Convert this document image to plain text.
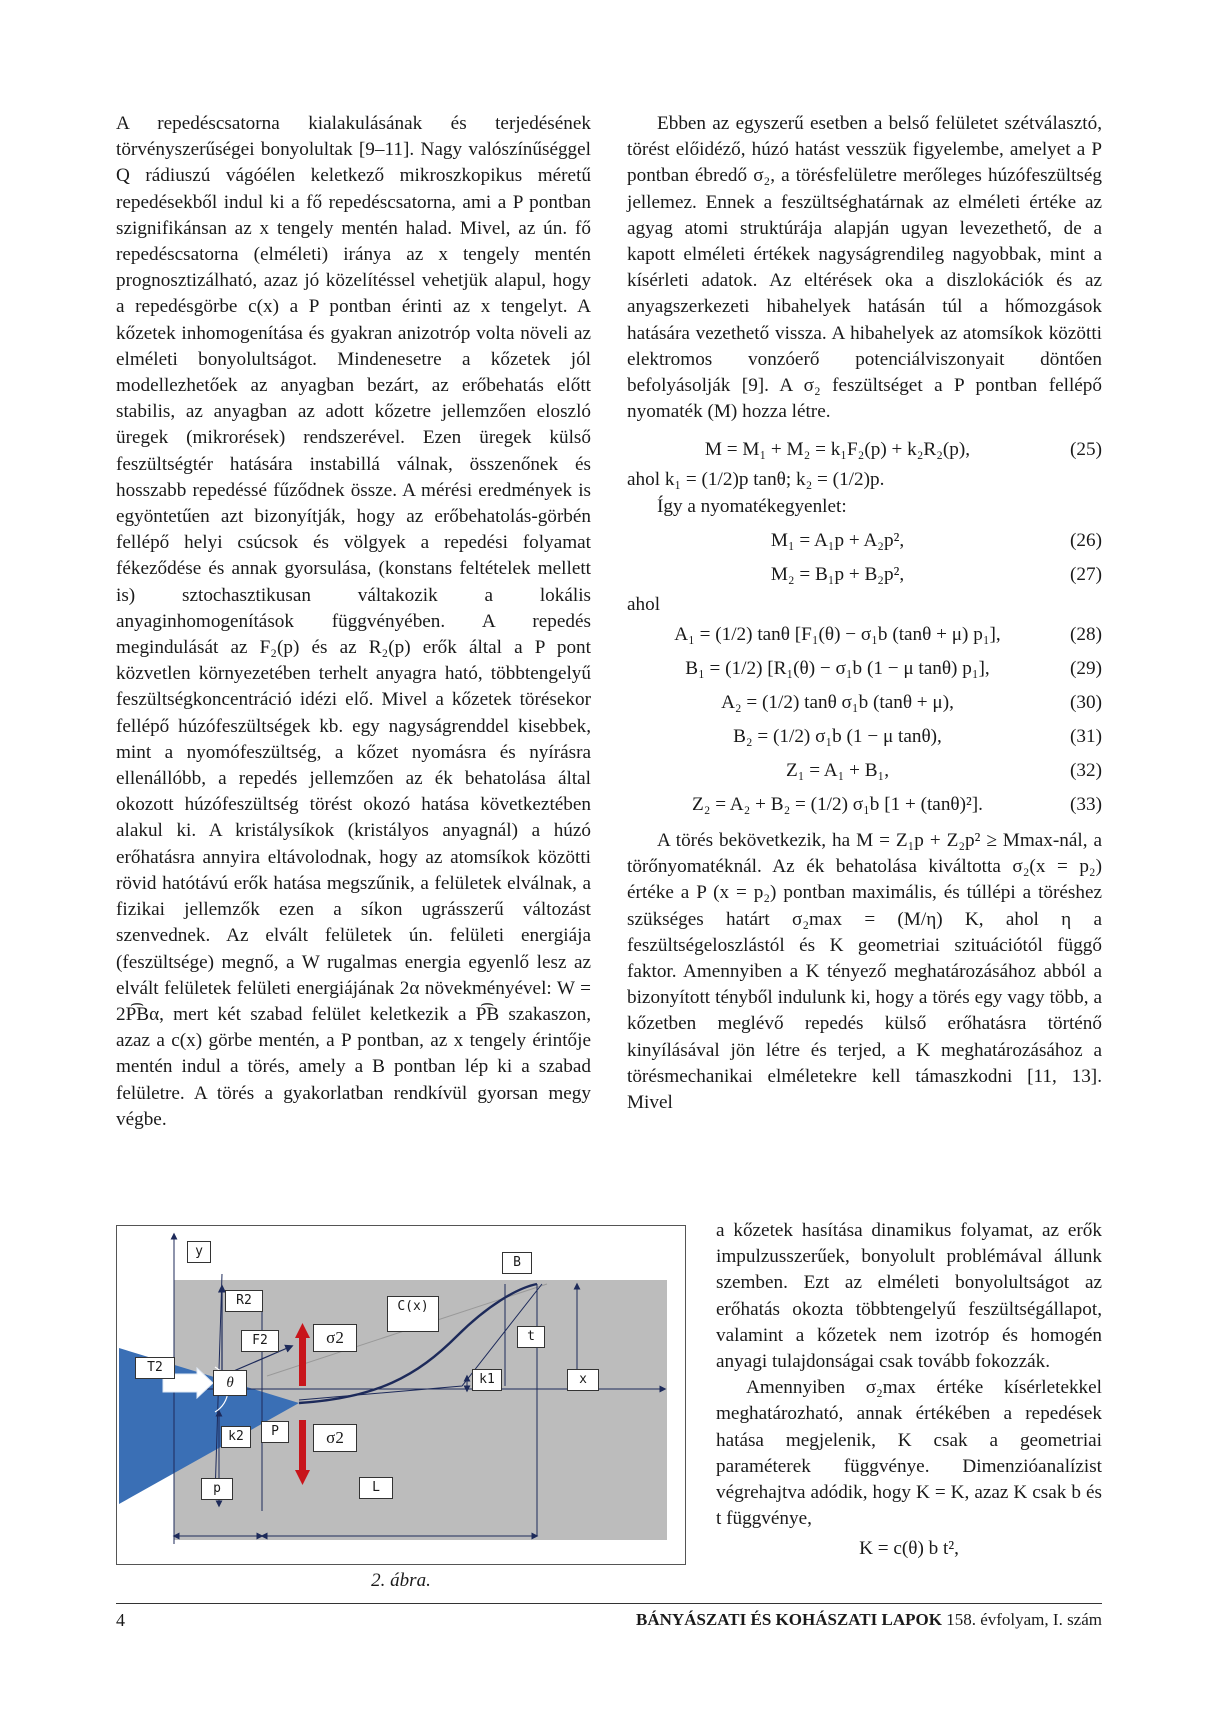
A repedéscsatorna kialakulásának és terjedésének törvényszerűségei bonyolultak [9–11]. Nagy valószínűséggel Q rádiuszú vágóélen keletkező mikroszkopikus méretű repedésekből indul ki a fő repedéscsatorna, ami a P pontban szignifikánsan az x tengely mentén halad. Mivel, az ún. fő repedéscsatorna (elméleti) iránya az x tengely mentén prognosztizálható, azaz jó közelítéssel vehetjük alapul, hogy a repedésgörbe c(x) a P pontban érinti az x tengelyt. A kőzetek inhomogenítása és gyakran anizotróp volta növeli az elméleti bonyolultságot. Mindenesetre a kőzetek jól modellezhetőek az anyagban bezárt, az erőbehatás előtt stabilis, az anyagban az adott kőzetre jellemzően eloszló üregek (mikrorések) rendszerével. Ezen üregek külső feszültségtér hatására instabillá válnak, összenőnek és hosszabb repedéssé fűződnek össze. A mérési eredmények is egyöntetűen azt bizonyítják, hogy az erőbehatolás-görbén fellépő helyi csúcsok és völgyek a repedési folyamat fékeződése és annak gyorsulása, (konstans feltételek mellett is) sztochasztikusan váltakozik a lokális anyaginhomogenítások függvényében. A repedés megindulását az F₂(p) és az R₂(p) erők által a P pont közvetlen környezetében terhelt anyagra ható, többtengelyű feszültségkoncentráció idézi elő. Mivel a kőzetek törésekor fellépő húzófeszültségek kb. egy nagyságrenddel kisebbek, mint a nyomófeszültség, a kőzet nyomásra és nyírásra ellenállóbb, a repedés jellemzően az ék behatolása által okozott húzófeszültség törést okozó hatása következtében alakul ki. A kristálysíkok (kristályos anyagnál) a húzó erőhatásra annyira eltávolodnak, hogy az atomsíkok közötti rövid hatótávú erők hatása megszűnik, a felületek elválnak, a fizikai jellemzők ezen a síkon ugrásszerű változást szenvednek. Az elvált felületek ún. felületi energiája (feszültsége) megnő, a W rugalmas energia egyenlő lesz az elvált felületek felületi energiájának 2α növekményével: W = 2P͡Bα, mert két szabad felület keletkezik a P͡B szakaszon, azaz a c(x) görbe mentén, a P pontban, az x tengely érintője mentén indul a törés, amely a B pontban lép ki a szabad felületre. A törés a gyakorlatban rendkívül gyorsan megy végbe.

Ebben az egyszerű esetben a belső felületet szétválasztó, törést előidéző, húzó hatást vesszük figyelembe, amelyet a P pontban ébredő σ₂, a törésfelületre merőleges húzófeszültség jellemez. Ennek a feszültséghatárnak az elméleti értéke az agyag atomi struktúrája alapján ugyan levezethető, de a kapott elméleti értékek nagyságrendileg nagyobbak, mint a kísérleti adatok. Az eltérések oka a diszlokációk és az anyagszerkezeti hibahelyek hatásán túl a hőmozgások hatására vezethető vissza. A hibahelyek az atomsíkok közötti elektromos vonzóerő potenciálviszonyait döntően befolyásolják [9]. A σ₂ feszültséget a P pontban fellépő nyomaték (M) hozza létre.

M = M₁ + M₂ = k₁F₂(p) + k₂R₂(p),	(25)

ahol k₁ = (1/2)p tanθ; k₂ = (1/2)p.

Így a nyomatékegyenlet:

M₁ = A₁p + A₂p²,	(26)
M₂ = B₁p + B₂p²,	(27)

ahol

A₁ = (1/2) tanθ [F₁(θ) − σ₁b (tanθ + μ) p₁],	(28)
B₁ = (1/2) [R₁(θ) − σ₁b (1 − μ tanθ) p₁],	(29)
A₂ = (1/2) tanθ σ₁b (tanθ + μ),	(30)
B₂ = (1/2) σ₁b (1 − μ tanθ),	(31)
Z₁ = A₁ + B₁,	(32)
Z₂ = A₂ + B₂ = (1/2) σ₁b [1 + (tanθ)²].	(33)

A törés bekövetkezik, ha M = Z₁p + Z₂p² ≥ Mmax-nál, a törőnyomatéknál. Az ék behatolása kiváltotta σ₂(x = p₂) értéke a P (x = p₂) pontban maximális, és túllépi a töréshez szükséges határt σ₂max = (M/η) K, ahol η a feszültségeloszlástól és K geometriai szituációtól függő faktor. Amennyiben a K tényező meghatározásához abból a bizonyított tényből indulunk ki, hogy a törés egy vagy több, a kőzetben meglévő repedés külső erőhatásra történő kinyílásával jön létre és terjed, a K meghatározásához a törésmechanikai elméletekre kell támaszkodni [11, 13]. Mivel

a kőzetek hasítása dinamikus folyamat, az erők impulzusszerűek, bonyolult problémával állunk szemben. Ezt az elméleti bonyolultságot az erőhatás okozta többtengelyű feszültségállapot, valamint a kőzetek nem izotróp és homogén anyagi tulajdonságai csak tovább fokozzák.

Amennyiben σ₂max értéke kísérletekkel meghatározható, annak értékében a repedések hatása megjelenik, K csak a geometriai paraméterek függvénye. Dimenzióanalízist végrehajtva adódik, hogy K = K, azaz K csak b és t függvénye,

K = c(θ) b t²,
y
B
R2	C(x)
F2	σ2	t
T2
θ	k1	x
P	σ2
k2
p	L
2. ábra.
4	BÁNYÁSZATI ÉS KOHÁSZATI LAPOK 158. évfolyam, I. szám
